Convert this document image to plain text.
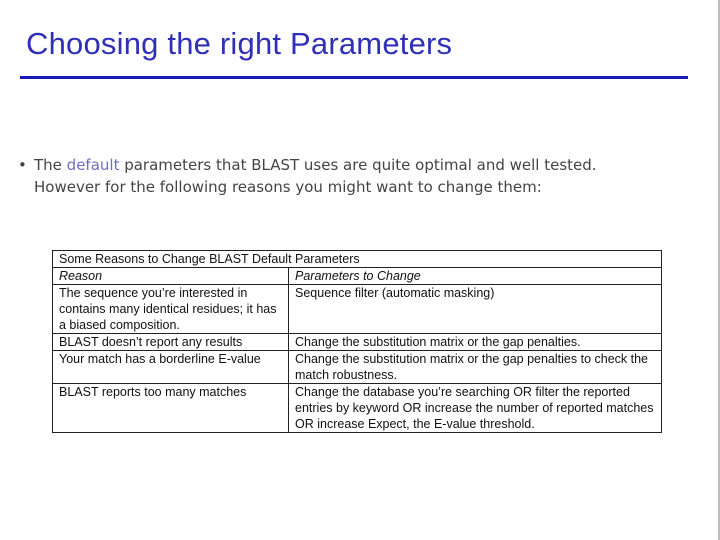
Choosing the right Parameters
• The default parameters that BLAST uses are quite optimal and well tested.
However for the following reasons you might want to change them:
Some Reasons to Change BLAST Default Parameters	
Reason	Parameters to Change
The sequence you’re interested in contains many identical residues; it has a biased composition.	Sequence filter (automatic masking)
BLAST doesn’t report any results	Change the substitution matrix or the gap penalties.
Your match has a borderline E-value	Change the substitution matrix or the gap penalties to check the match robustness.
BLAST reports too many matches	Change the database you’re searching OR filter the reported entries by keyword OR increase the number of reported matches OR increase Expect, the E-value threshold.
